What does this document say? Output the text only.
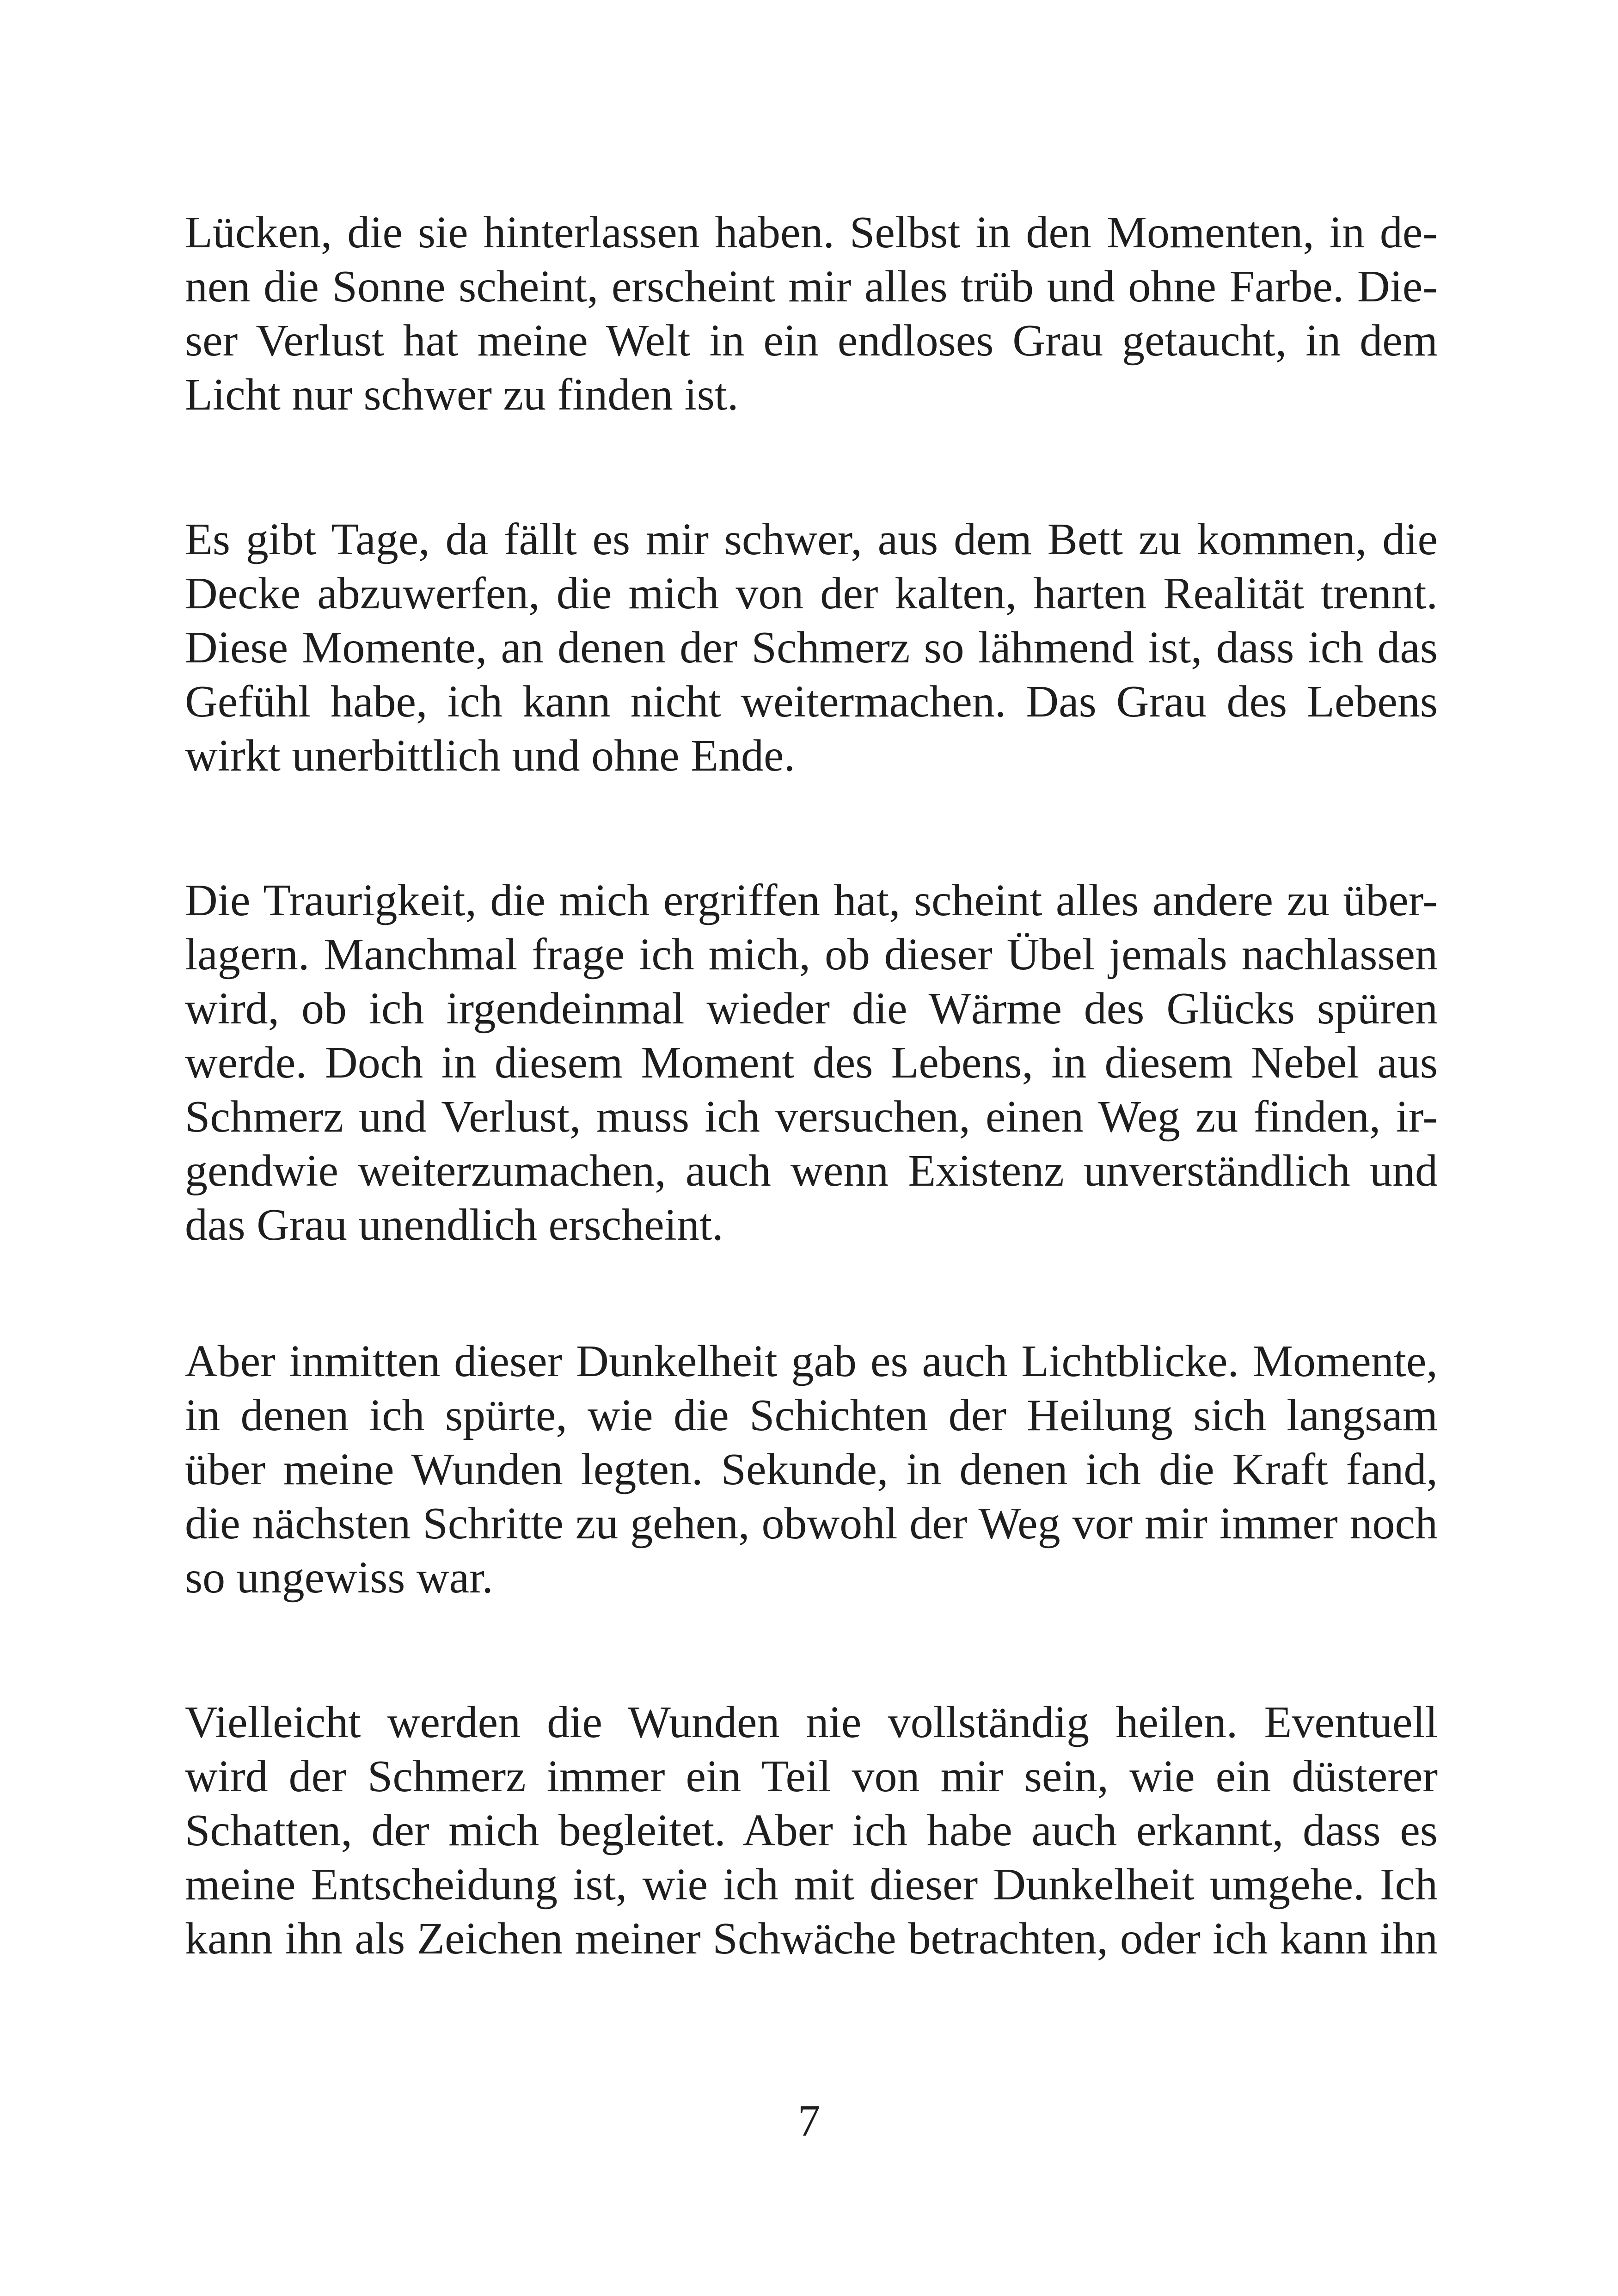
Lücken, die sie hinterlassen haben. Selbst in den Momenten, in de-
nen die Sonne scheint, erscheint mir alles trüb und ohne Farbe. Die-
ser Verlust hat meine Welt in ein endloses Grau getaucht, in dem
Licht nur schwer zu finden ist.

Es gibt Tage, da fällt es mir schwer, aus dem Bett zu kommen, die
Decke abzuwerfen, die mich von der kalten, harten Realität trennt.
Diese Momente, an denen der Schmerz so lähmend ist, dass ich das
Gefühl habe, ich kann nicht weitermachen. Das Grau des Lebens
wirkt unerbittlich und ohne Ende.

Die Traurigkeit, die mich ergriffen hat, scheint alles andere zu über-
lagern. Manchmal frage ich mich, ob dieser Übel jemals nachlassen
wird, ob ich irgendeinmal wieder die Wärme des Glücks spüren
werde. Doch in diesem Moment des Lebens, in diesem Nebel aus
Schmerz und Verlust, muss ich versuchen, einen Weg zu finden, ir-
gendwie weiterzumachen, auch wenn Existenz unverständlich und
das Grau unendlich erscheint.

Aber inmitten dieser Dunkelheit gab es auch Lichtblicke. Momente,
in denen ich spürte, wie die Schichten der Heilung sich langsam
über meine Wunden legten. Sekunde, in denen ich die Kraft fand,
die nächsten Schritte zu gehen, obwohl der Weg vor mir immer noch
so ungewiss war.

Vielleicht werden die Wunden nie vollständig heilen. Eventuell
wird der Schmerz immer ein Teil von mir sein, wie ein düsterer
Schatten, der mich begleitet. Aber ich habe auch erkannt, dass es
meine Entscheidung ist, wie ich mit dieser Dunkelheit umgehe. Ich
kann ihn als Zeichen meiner Schwäche betrachten, oder ich kann ihn

7
